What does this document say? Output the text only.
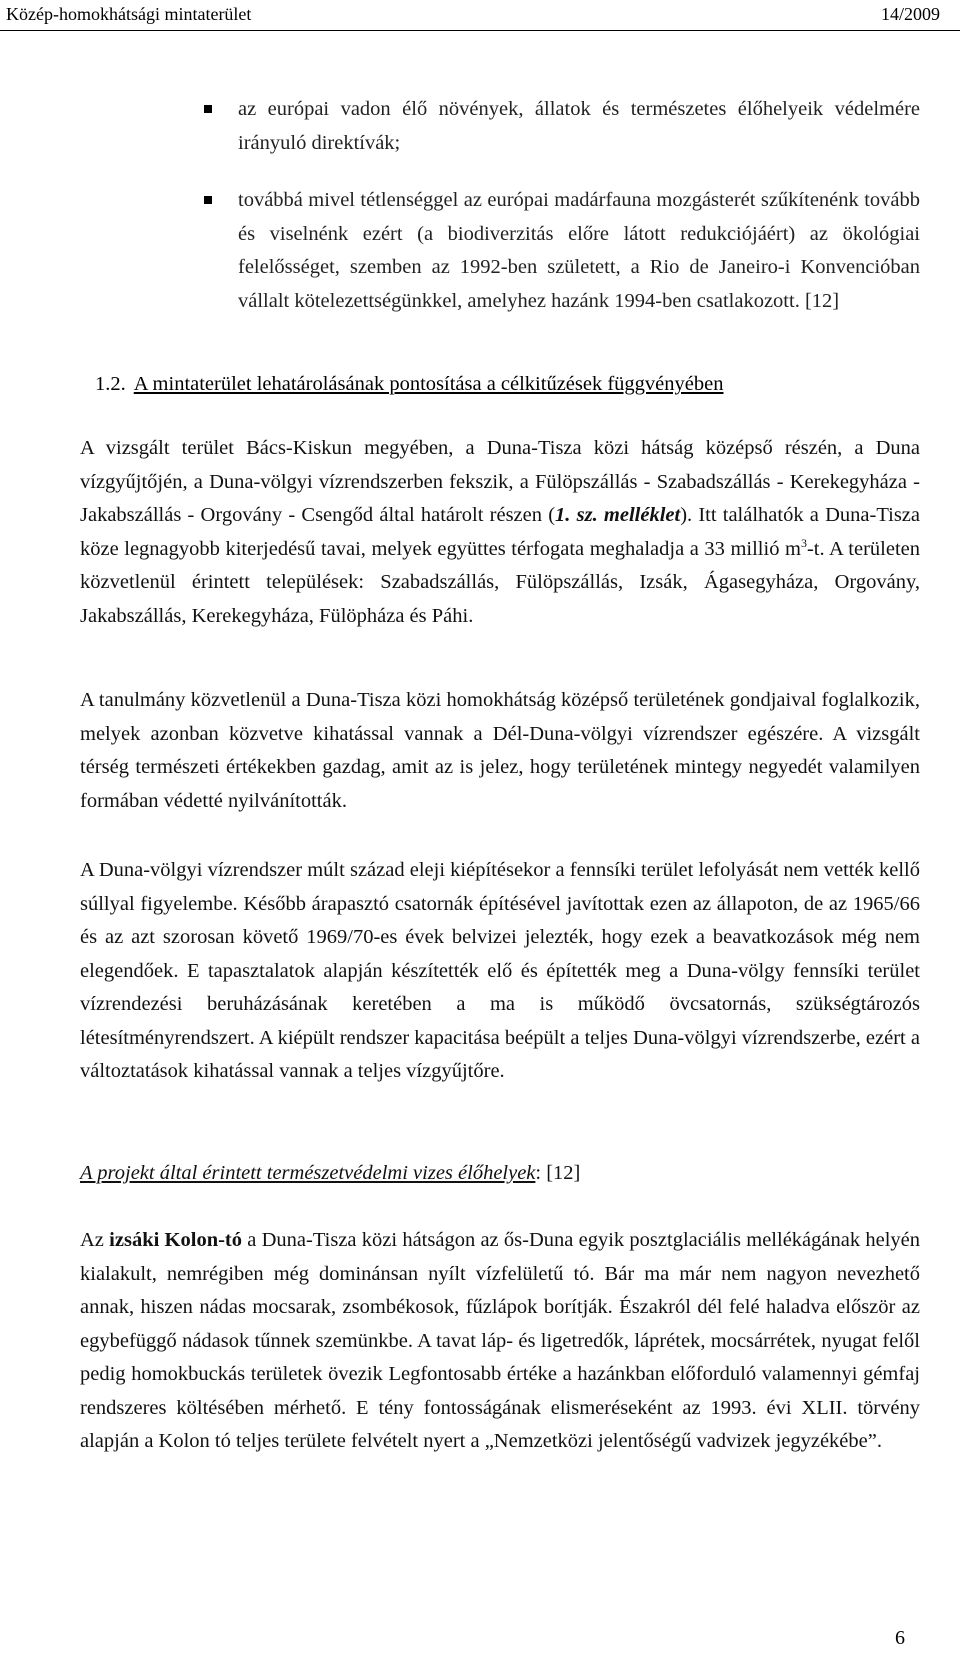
Közép-homokhátsági mintaterület	14/2009
az európai vadon élő növények, állatok és természetes élőhelyeik védelmére irányuló direktívák;
továbbá mivel tétlenséggel az európai madárfauna mozgásterét szűkítenénk tovább és viselnénk ezért (a biodiverzitás előre látott redukciójáért) az ökológiai felelősséget, szemben az 1992-ben született, a Rio de Janeiro-i Konvencióban vállalt kötelezettségünkkel, amelyhez hazánk 1994-ben csatlakozott. [12]
1.2. A mintaterület lehatárolásának pontosítása a célkitűzések függvényében
A vizsgált terület Bács-Kiskun megyében, a Duna-Tisza közi hátság középső részén, a Duna vízgyűjtőjén, a Duna-völgyi vízrendszerben fekszik, a Fülöpszállás - Szabadszállás - Kerekegyháza - Jakabszállás - Orgovány - Csengőd által határolt részen (1. sz. melléklet). Itt találhatók a Duna-Tisza köze legnagyobb kiterjedésű tavai, melyek együttes térfogata meghaladja a 33 millió $m^3-t$. A területen közvetlenül érintett települések: Szabadszállás, Fülöpszállás, Izsák, Ágasegyháza, Orgovány, Jakabszállás, Kerekegyháza, Fülöpháza és Páhi.
A tanulmány közvetlenül a Duna-Tisza közi homokhátság középső területének gondjaival foglalkozik, melyek azonban közvetve kihatással vannak a Dél-Duna-völgyi vízrendszer egészére. A vizsgált térség természeti értékekben gazdag, amit az is jelez, hogy területének mintegy negyedét valamilyen formában védetté nyilvánították.
A Duna-völgyi vízrendszer múlt század eleji kiépítésekor a fennsíki terület lefolyását nem vették kellő súllyal figyelembe. Később árapasztó csatornák építésével javítottak ezen az állapoton, de az 1965/66 és az azt szorosan követő 1969/70-es évek belvizei jelezték, hogy ezek a beavatkozások még nem elegendőek. E tapasztalatok alapján készítették elő és építették meg a Duna-völgy fennsíki terület vízrendezési beruházásának keretében a ma is működő övcsatornás, szükségtározós létesítményrendszert. A kiépült rendszer kapacitása beépült a teljes Duna-völgyi vízrendszerbe, ezért a változtatások kihatással vannak a teljes vízgyűjtőre.
A projekt által érintett természetvédelmi vizes élőhelyek: [12]
Az izsáki Kolon-tó a Duna-Tisza közi hátságon az ős-Duna egyik posztglaciális mellékágának helyén kialakult, nemrégiben még dominánsan nyílt vízfelületű tó. Bár ma már nem nagyon nevezhető annak, hiszen nádas mocsarak, zsombékosok, fűzlápok borítják. Északról dél felé haladva először az egybefüggő nádasok tűnnek szemünkbe. A tavat láp- és ligetredők, láprétek, mocsárrétek, nyugat felől pedig homokbuckás területek övezik Legfontosabb értéke a hazánkban előforduló valamennyi gémfaj rendszeres költésében mérhető. E tény fontosságának elismeréseként az 1993. évi XLII. törvény alapján a Kolon tó teljes területe felvételt nyert a „Nemzetközi jelentőségű vadvizek jegyzékébe”.
6
